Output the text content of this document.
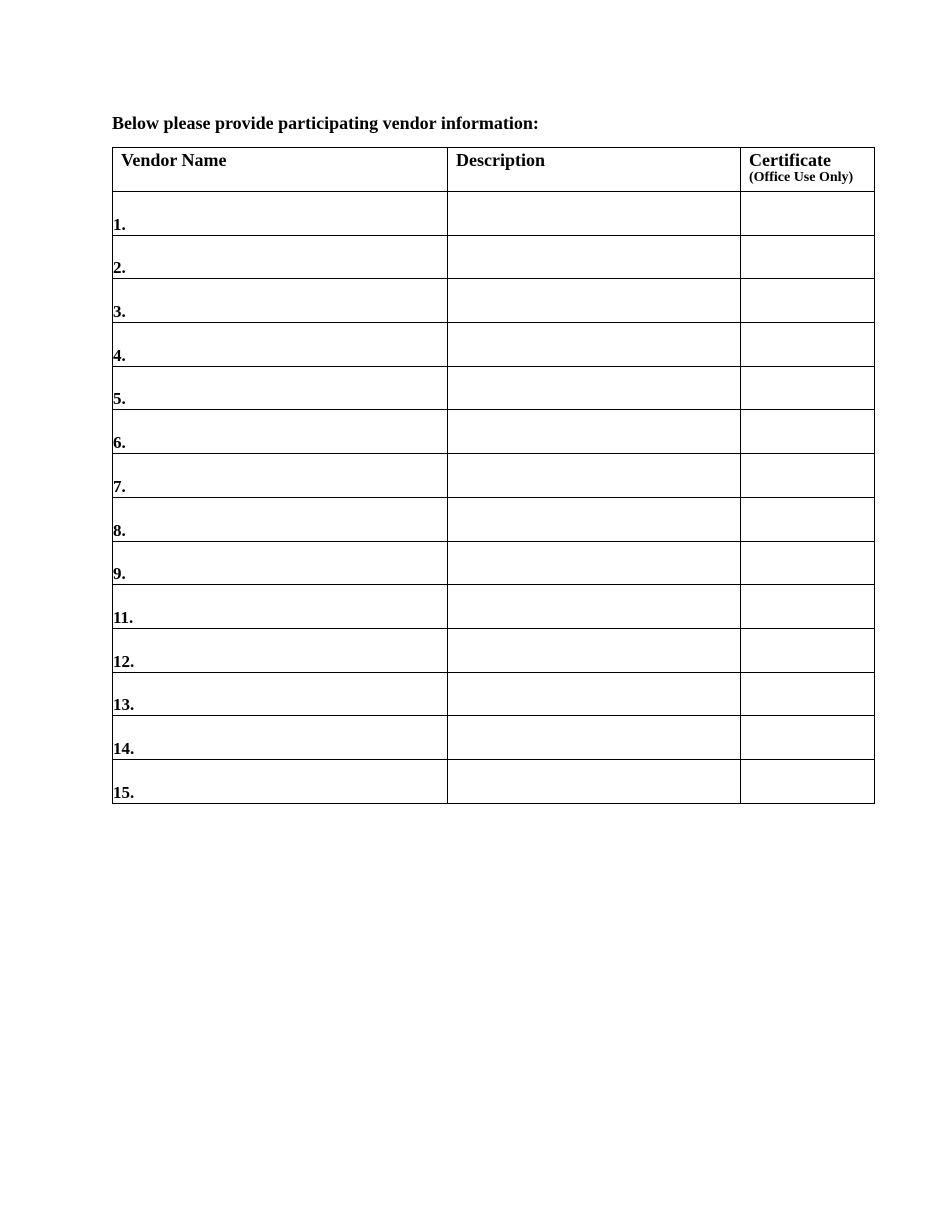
Below please provide participating vendor information:
Vendor Name	Description	Certificate
(Office Use Only)

1.		
2.		
3.		
4.		
5.		
6.		
7.		
8.		
9.		
11.		
12.		
13.		
14.		
15.		
